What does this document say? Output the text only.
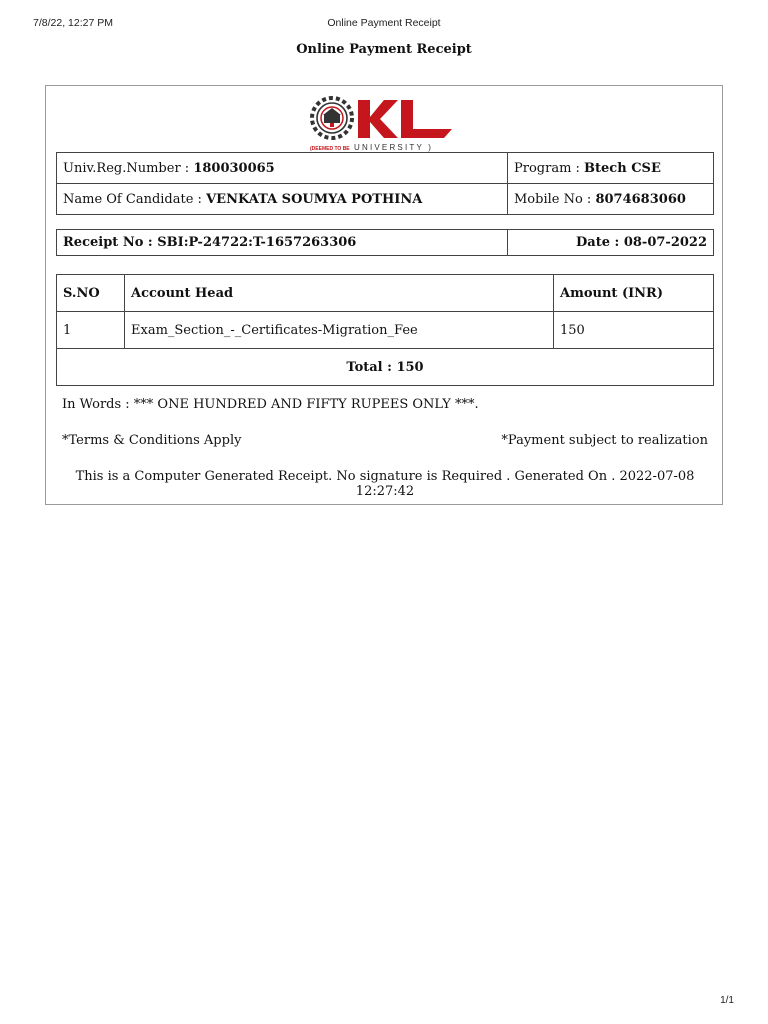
7/8/22, 12:27 PM	Online Payment Receipt
Online Payment Receipt
(DEEMED TO BE UNIVERSITY )
Univ.Reg.Number : 180030065	Program : Btech CSE
Name Of Candidate : VENKATA SOUMYA POTHINA	Mobile No : 8074683060
Receipt No : SBI:P-24722:T-1657263306	Date : 08-07-2022
S.NO	Account Head	Amount (INR)
1	Exam_Section_-_Certificates-Migration_Fee	150
Total : 150		
In Words : *** ONE HUNDRED AND FIFTY RUPEES ONLY ***.
*Terms & Conditions Apply	*Payment subject to realization
This is a Computer Generated Receipt. No signature is Required . Generated On . 2022-07-08 12:27:42
1/1
